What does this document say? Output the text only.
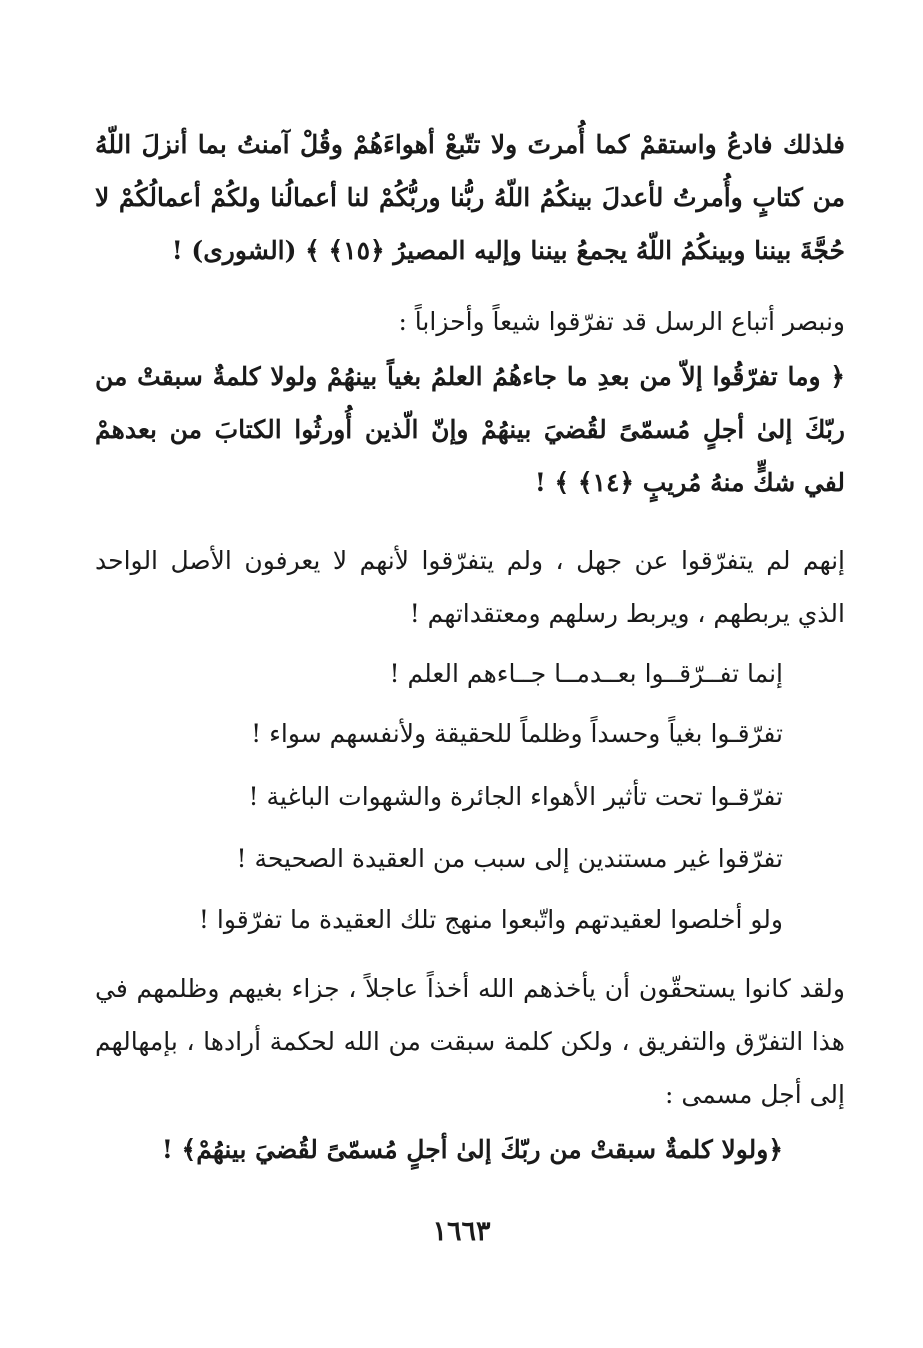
فلذلك فادعُ واستقمْ كما أُمرتَ ولا تتّبعْ أهواءَهُمْ وقُلْ آمنتُ بما أنزلَ اللّهُ من كتابٍ وأُمرتُ لأعدلَ بينكُمُ اللّهُ ربُّنا وربُّكُمْ لنا أعمالُنا ولكُمْ أعمالُكُمْ لا حُجَّةَ بيننا وبينكُمُ اللّهُ يجمعُ بيننا وإليه المصيرُ ﴿١٥﴾ ﴾ (الشورى) !
ونبصر أتباع الرسل قد تفرّقوا شيعاً وأحزاباً :
﴿ وما تفرّقُوا إلاّ من بعدِ ما جاءهُمُ العلمُ بغياً بينهُمْ ولولا كلمةٌ سبقتْ من ربّكَ إلىٰ أجلٍ مُسمّىً لقُضيَ بينهُمْ وإنّ الّذين أُورثُوا الكتابَ من بعدهمْ لفي شكٍّ منهُ مُريبٍ ﴿١٤﴾ ﴾ !
إنهم لم يتفرّقوا عن جهل ، ولم يتفرّقوا لأنهم لا يعرفون الأصل الواحد الذي يربطهم ، ويربط رسلهم ومعتقداتهم !
إنما تفــرّقــوا بعــدمــا جــاءهم العلم !
تفرّقـوا بغياً وحسداً وظلماً للحقيقة ولأنفسهم سواء !
تفرّقـوا تحت تأثير الأهواء الجائرة والشهوات الباغية !
تفرّقوا غير مستندين إلى سبب من العقيدة الصحيحة !
ولو أخلصوا لعقيدتهم واتّبعوا منهج تلك العقيدة ما تفرّقوا !
ولقد كانوا يستحقّون أن يأخذهم الله أخذاً عاجلاً ، جزاء بغيهم وظلمهم في هذا التفرّق والتفريق ، ولكن كلمة سبقت من الله لحكمة أرادها ، بإمهالهم إلى أجل مسمى :
﴿ولولا كلمةٌ سبقتْ من ربّكَ إلىٰ أجلٍ مُسمّىً لقُضيَ بينهُمْ﴾ !
١٦٦٣
